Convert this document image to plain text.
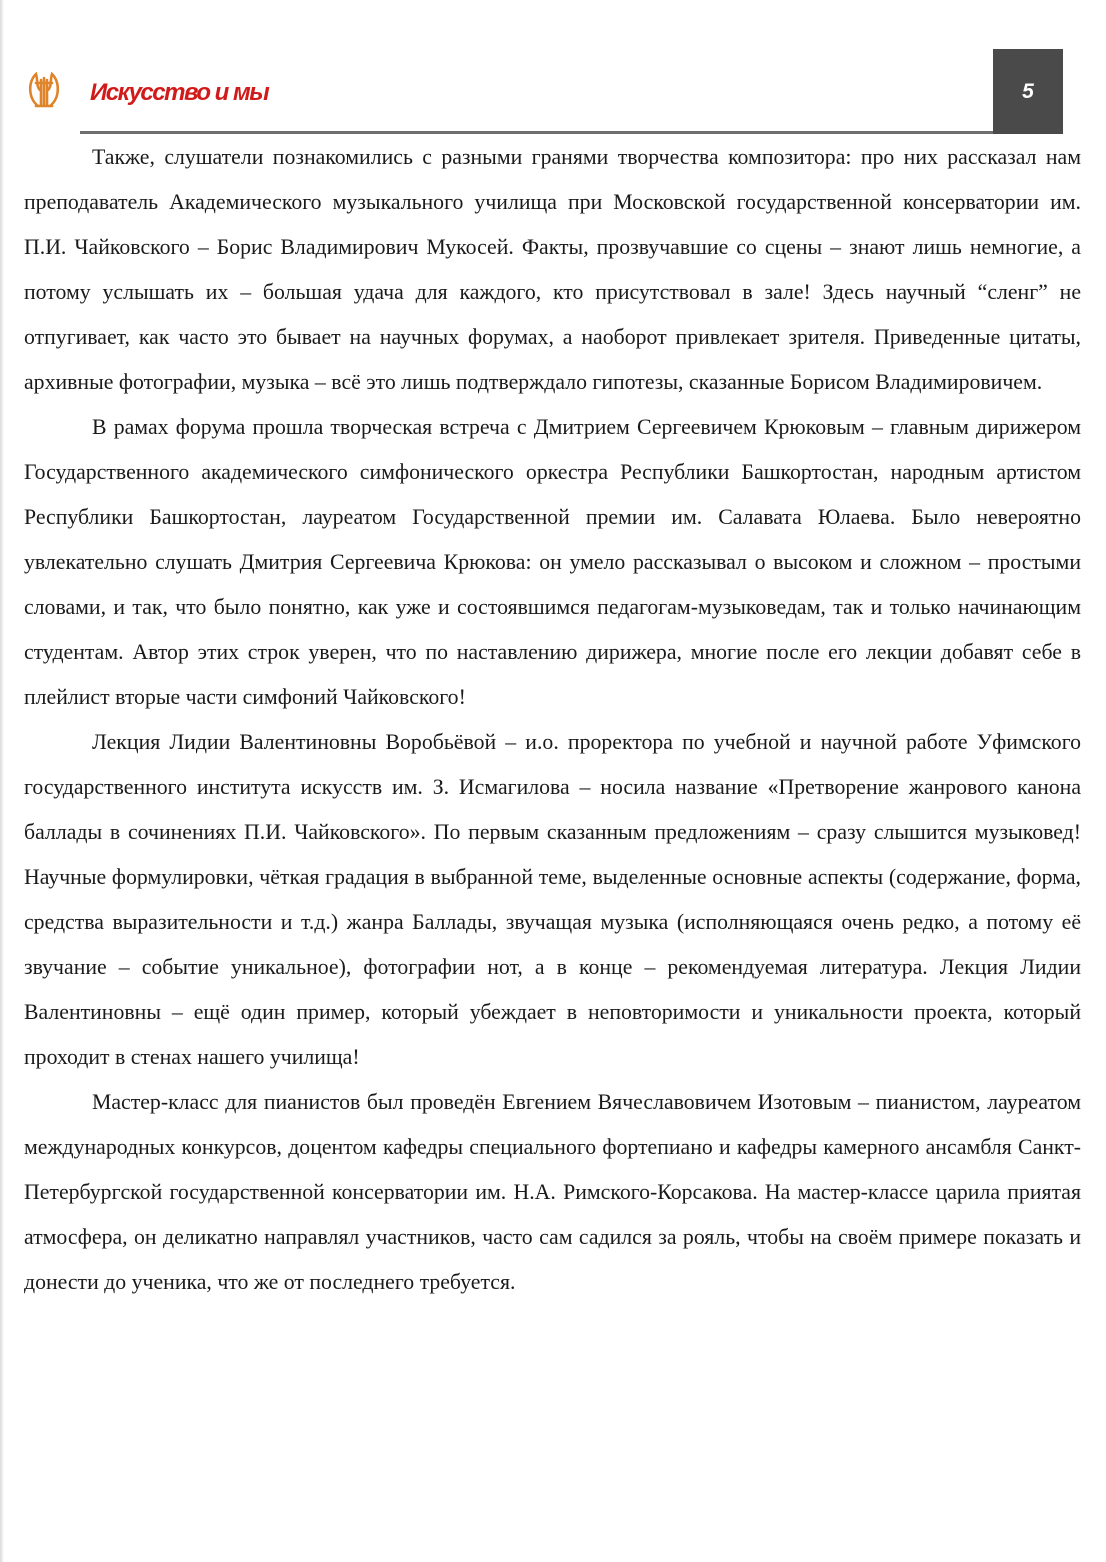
Искусство и мы	5

Также, слушатели познакомились с разными гранями творчества композитора: про них рассказал нам преподаватель Академического музыкального училища при Московской государственной консерватории им. П.И. Чайковского – Борис Владимирович Мукосей. Факты, прозвучавшие со сцены – знают лишь немногие, а потому услышать их – большая удача для каждого, кто присутствовал в зале! Здесь научный “сленг” не отпугивает, как часто это бывает на научных форумах, а наоборот привлекает зрителя. Приведенные цитаты, архивные фотографии, музыка – всё это лишь подтверждало гипотезы, сказанные Борисом Владимировичем.

В рамах форума прошла творческая встреча с Дмитрием Сергеевичем Крюковым – главным дирижером Государственного академического симфонического оркестра Республики Башкортостан, народным артистом Республики Башкортостан, лауреатом Государственной премии им. Салавата Юлаева. Было невероятно увлекательно слушать Дмитрия Сергеевича Крюкова: он умело рассказывал о высоком и сложном – простыми словами, и так, что было понятно, как уже и состоявшимся педагогам-музыковедам, так и только начинающим студентам. Автор этих строк уверен, что по наставлению дирижера, многие после его лекции добавят себе в плейлист вторые части симфоний Чайковского!

Лекция Лидии Валентиновны Воробьёвой – и.о. проректора по учебной и научной работе Уфимского государственного института искусств им. З. Исмагилова – носила название «Претворение жанрового канона баллады в сочинениях П.И. Чайковского». По первым сказанным предложениям – сразу слышится музыковед! Научные формулировки, чёткая градация в выбранной теме, выделенные основные аспекты (содержание, форма, средства выразительности и т.д.) жанра Баллады, звучащая музыка (исполняющаяся очень редко, а потому её звучание – событие уникальное), фотографии нот, а в конце – рекомендуемая литература. Лекция Лидии Валентиновны – ещё один пример, который убеждает в неповторимости и уникальности проекта, который проходит в стенах нашего училища!

Мастер-класс для пианистов был проведён Евгением Вячеславовичем Изотовым – пианистом, лауреатом международных конкурсов, доцентом кафедры специального фортепиано и кафедры камерного ансамбля Санкт-Петербургской государственной консерватории им. Н.А. Римского-Корсакова. На мастер-классе царила приятая атмосфера, он деликатно направлял участников, часто сам садился за рояль, чтобы на своём примере показать и донести до ученика, что же от последнего требуется.
